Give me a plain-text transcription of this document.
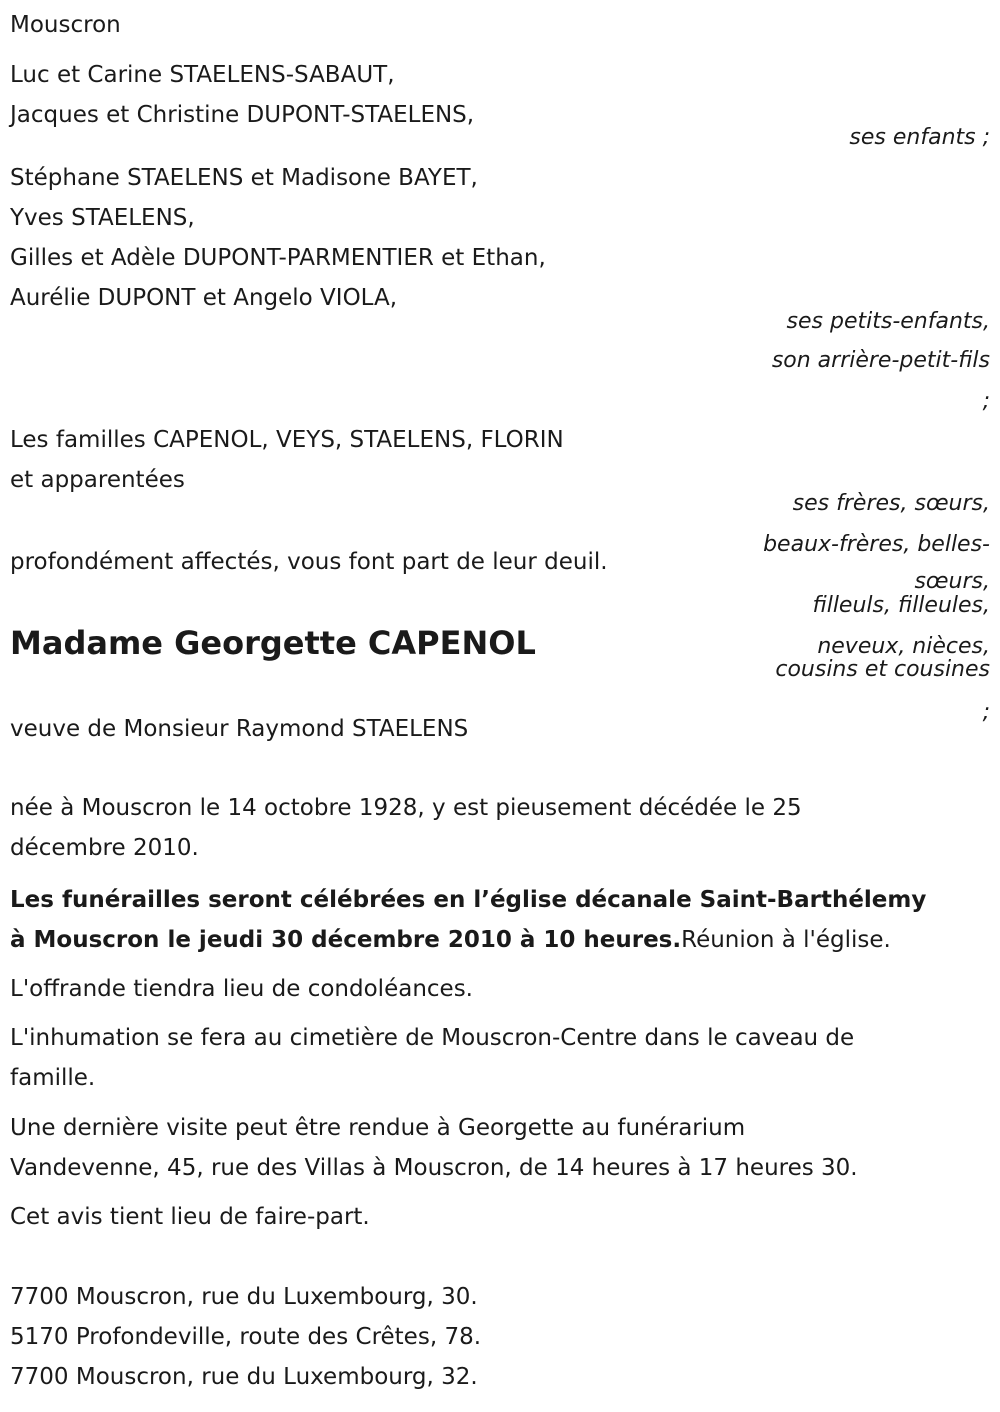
Mouscron
Luc et Carine STAELENS-SABAUT,
Jacques et Christine DUPONT-STAELENS,
ses enfants ;
Stéphane STAELENS et Madisone BAYET,
Yves STAELENS,
Gilles et Adèle DUPONT-PARMENTIER et Ethan,
Aurélie DUPONT et Angelo VIOLA,
ses petits-enfants,
son arrière-petit-fils
;
Les familles CAPENOL, VEYS, STAELENS, FLORIN
et apparentées
ses frères, sœurs,
beaux-frères, belles-
sœurs,
filleuls, filleules,
neveux, nièces,
cousins et cousines
;
profondément affectés, vous font part de leur deuil.
Madame Georgette CAPENOL
veuve de Monsieur Raymond STAELENS
née à Mouscron le 14 octobre 1928, y est pieusement décédée le 25
décembre 2010.
Les funérailles seront célébrées en l’église décanale Saint-Barthélemy
à Mouscron le jeudi 30 décembre 2010 à 10 heures.Réunion à l'église.
L'offrande tiendra lieu de condoléances.
L'inhumation se fera au cimetière de Mouscron-Centre dans le caveau de
famille.
Une dernière visite peut être rendue à Georgette au funérarium
Vandevenne, 45, rue des Villas à Mouscron, de 14 heures à 17 heures 30.
Cet avis tient lieu de faire-part.
7700 Mouscron, rue du Luxembourg, 30.
5170 Profondeville, route des Crêtes, 78.
7700 Mouscron, rue du Luxembourg, 32.
